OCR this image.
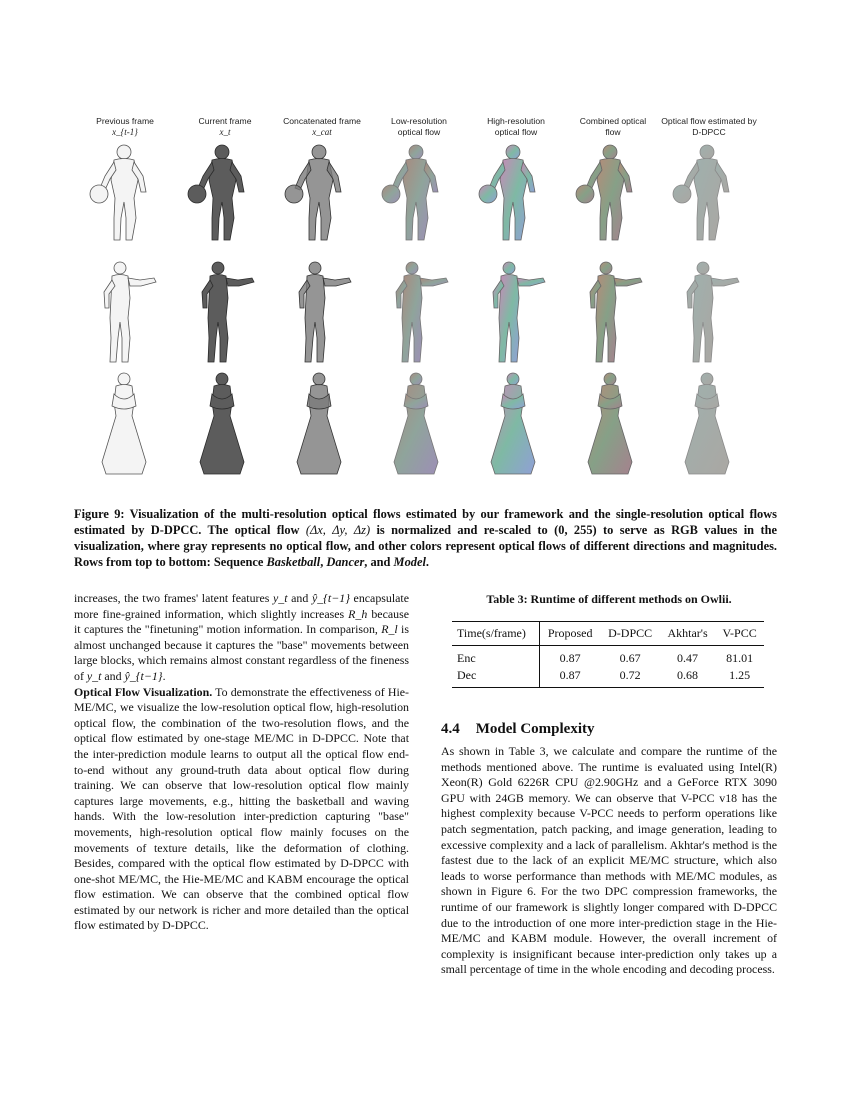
Previous frame
x_{t-1}
Current frame
x_t
Concatenated frame
x_cat
Low-resolution
optical flow
High-resolution
optical flow
Combined optical
flow
Optical flow estimated by
D-DPCC
Figure 9: Visualization of the multi-resolution optical flows estimated by our framework and the single-resolution optical flows estimated by D-DPCC. The optical flow (Δx, Δy, Δz) is normalized and re-scaled to (0, 255) to serve as RGB values in the visualization, where gray represents no optical flow, and other colors represent optical flows of different directions and magnitudes. Rows from top to bottom: Sequence Basketball, Dancer, and Model.

increases, the two frames' latent features y_t and ŷ_{t−1} encapsulate more fine-grained information, which slightly increases R_h because it captures the "finetuning" motion information. In comparison, R_l is almost unchanged because it captures the "base" movements between large blocks, which remains almost constant regardless of the fineness of y_t and ŷ_{t−1}.

Optical Flow Visualization. To demonstrate the effectiveness of Hie-ME/MC, we visualize the low-resolution optical flow, high-resolution optical flow, the combination of the two-resolution flows, and the optical flow estimated by one-stage ME/MC in D-DPCC. Note that the inter-prediction module learns to output all the optical flow end-to-end without any ground-truth data about optical flow during training. We can observe that low-resolution optical flow mainly captures large movements, e.g., hitting the basketball and waving hands. With the low-resolution inter-prediction capturing "base" movements, high-resolution optical flow mainly focuses on the movements of texture details, like the deformation of clothing. Besides, compared with the optical flow estimated by D-DPCC with one-shot ME/MC, the Hie-ME/MC and KABM encourage the optical flow estimation. We can observe that the combined optical flow estimated by our network is richer and more detailed than the optical flow estimated by D-DPCC.

Table 3: Runtime of different methods on Owlii.
Time(s/frame)	Proposed	D-DPCC	Akhtar's	V-PCC
Enc	0.87	0.67	0.47	81.01
Dec	0.87	0.72	0.68	1.25
4.4 Model Complexity

As shown in Table 3, we calculate and compare the runtime of the methods mentioned above. The runtime is evaluated using Intel(R) Xeon(R) Gold 6226R CPU @2.90GHz and a GeForce RTX 3090 GPU with 24GB memory. We can observe that V-PCC v18 has the highest complexity because V-PCC needs to perform operations like patch segmentation, patch packing, and image generation, leading to excessive complexity and a lack of parallelism. Akhtar's method is the fastest due to the lack of an explicit ME/MC structure, which also leads to worse performance than methods with ME/MC modules, as shown in Figure 6. For the two DPC compression frameworks, the runtime of our framework is slightly longer compared with D-DPCC due to the introduction of one more inter-prediction stage in the Hie-ME/MC and KABM module. However, the overall increment of complexity is insignificant because inter-prediction only takes up a small percentage of time in the whole encoding and decoding process.
